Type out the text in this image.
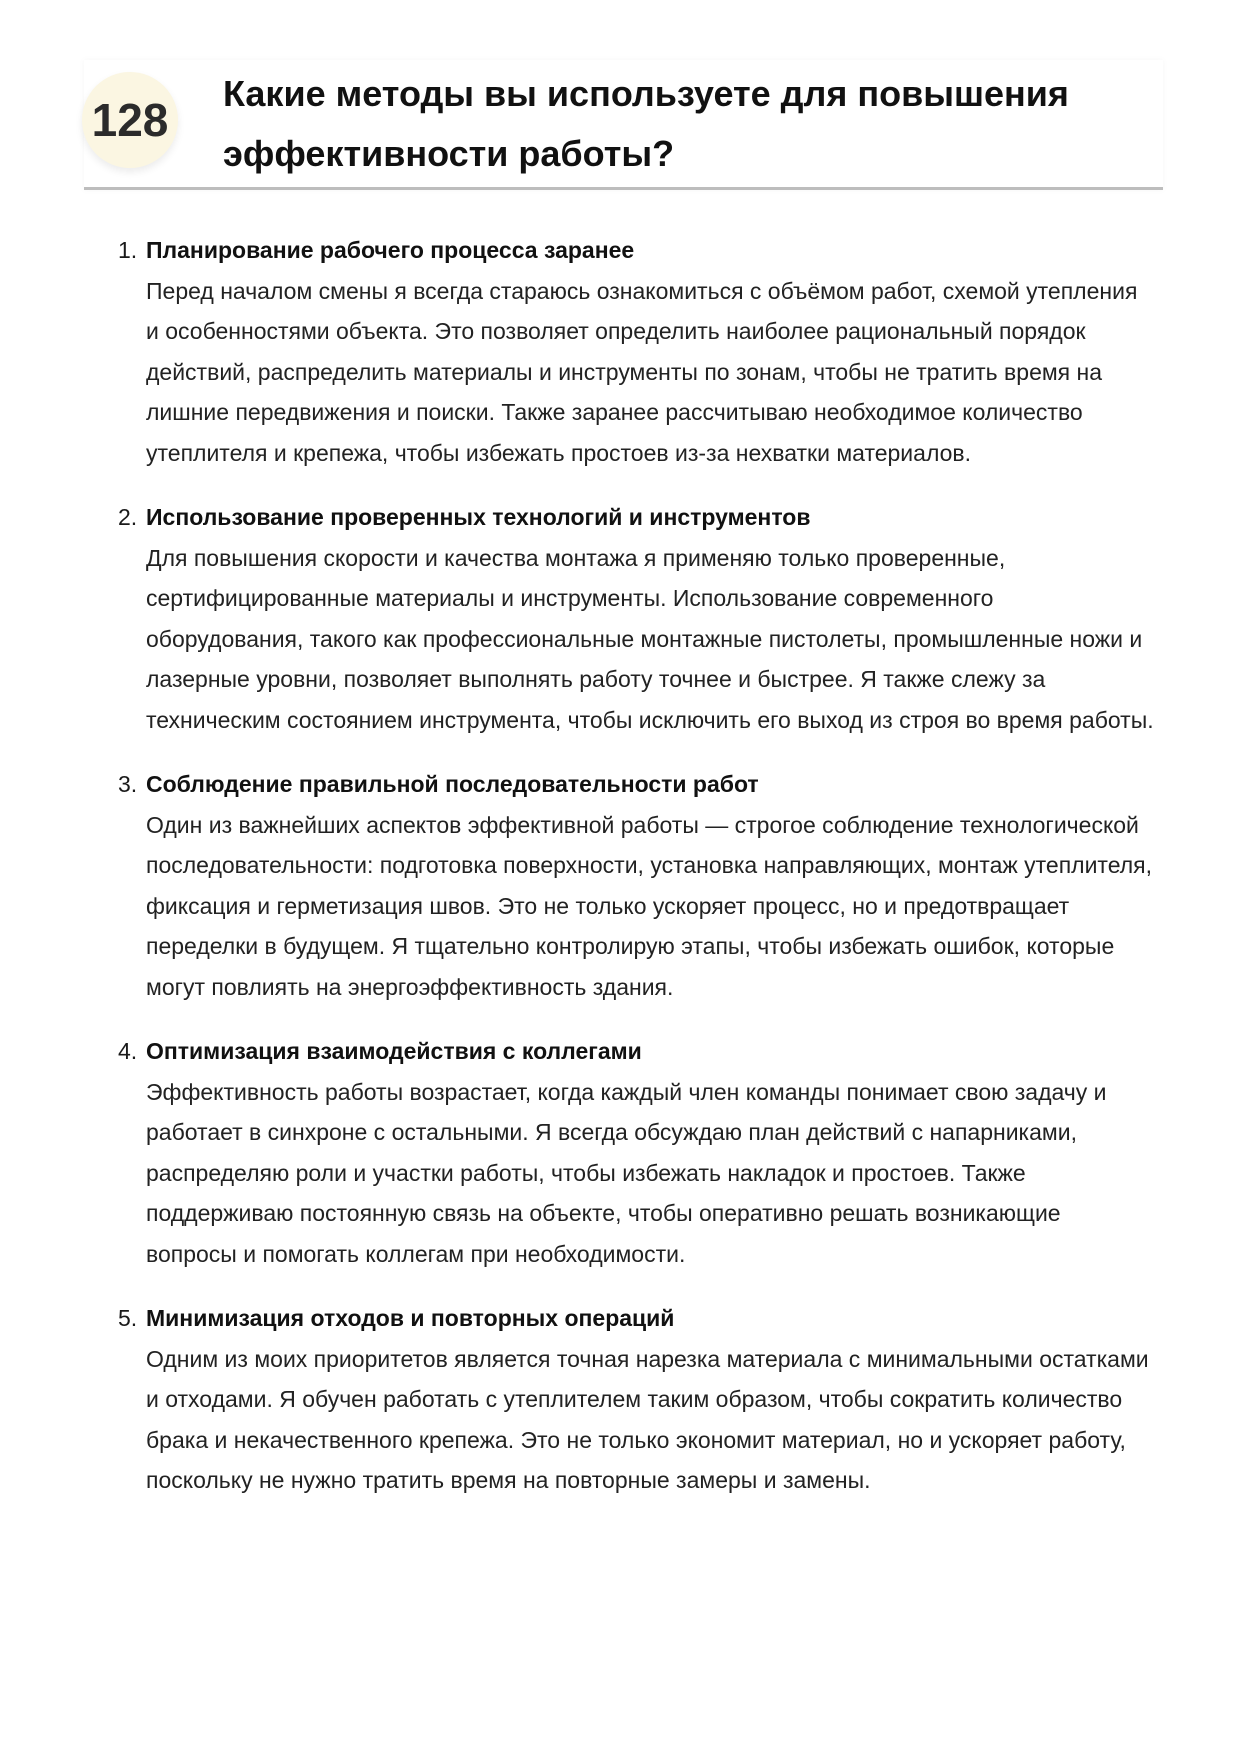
128
Какие методы вы используете для повышения эффективности работы?
1. Планирование рабочего процесса заранее
Перед началом смены я всегда стараюсь ознакомиться с объёмом работ, схемой утепления и особенностями объекта. Это позволяет определить наиболее рациональный порядок действий, распределить материалы и инструменты по зонам, чтобы не тратить время на лишние передвижения и поиски. Также заранее рассчитываю необходимое количество утеплителя и крепежа, чтобы избежать простоев из-за нехватки материалов.
2. Использование проверенных технологий и инструментов
Для повышения скорости и качества монтажа я применяю только проверенные, сертифицированные материалы и инструменты. Использование современного оборудования, такого как профессиональные монтажные пистолеты, промышленные ножи и лазерные уровни, позволяет выполнять работу точнее и быстрее. Я также слежу за техническим состоянием инструмента, чтобы исключить его выход из строя во время работы.
3. Соблюдение правильной последовательности работ
Один из важнейших аспектов эффективной работы — строгое соблюдение технологической последовательности: подготовка поверхности, установка направляющих, монтаж утеплителя, фиксация и герметизация швов. Это не только ускоряет процесс, но и предотвращает переделки в будущем. Я тщательно контролирую этапы, чтобы избежать ошибок, которые могут повлиять на энергоэффективность здания.
4. Оптимизация взаимодействия с коллегами
Эффективность работы возрастает, когда каждый член команды понимает свою задачу и работает в синхроне с остальными. Я всегда обсуждаю план действий с напарниками, распределяю роли и участки работы, чтобы избежать накладок и простоев. Также поддерживаю постоянную связь на объекте, чтобы оперативно решать возникающие вопросы и помогать коллегам при необходимости.
5. Минимизация отходов и повторных операций
Одним из моих приоритетов является точная нарезка материала с минимальными остатками и отходами. Я обучен работать с утеплителем таким образом, чтобы сократить количество брака и некачественного крепежа. Это не только экономит материал, но и ускоряет работу, поскольку не нужно тратить время на повторные замеры и замены.
